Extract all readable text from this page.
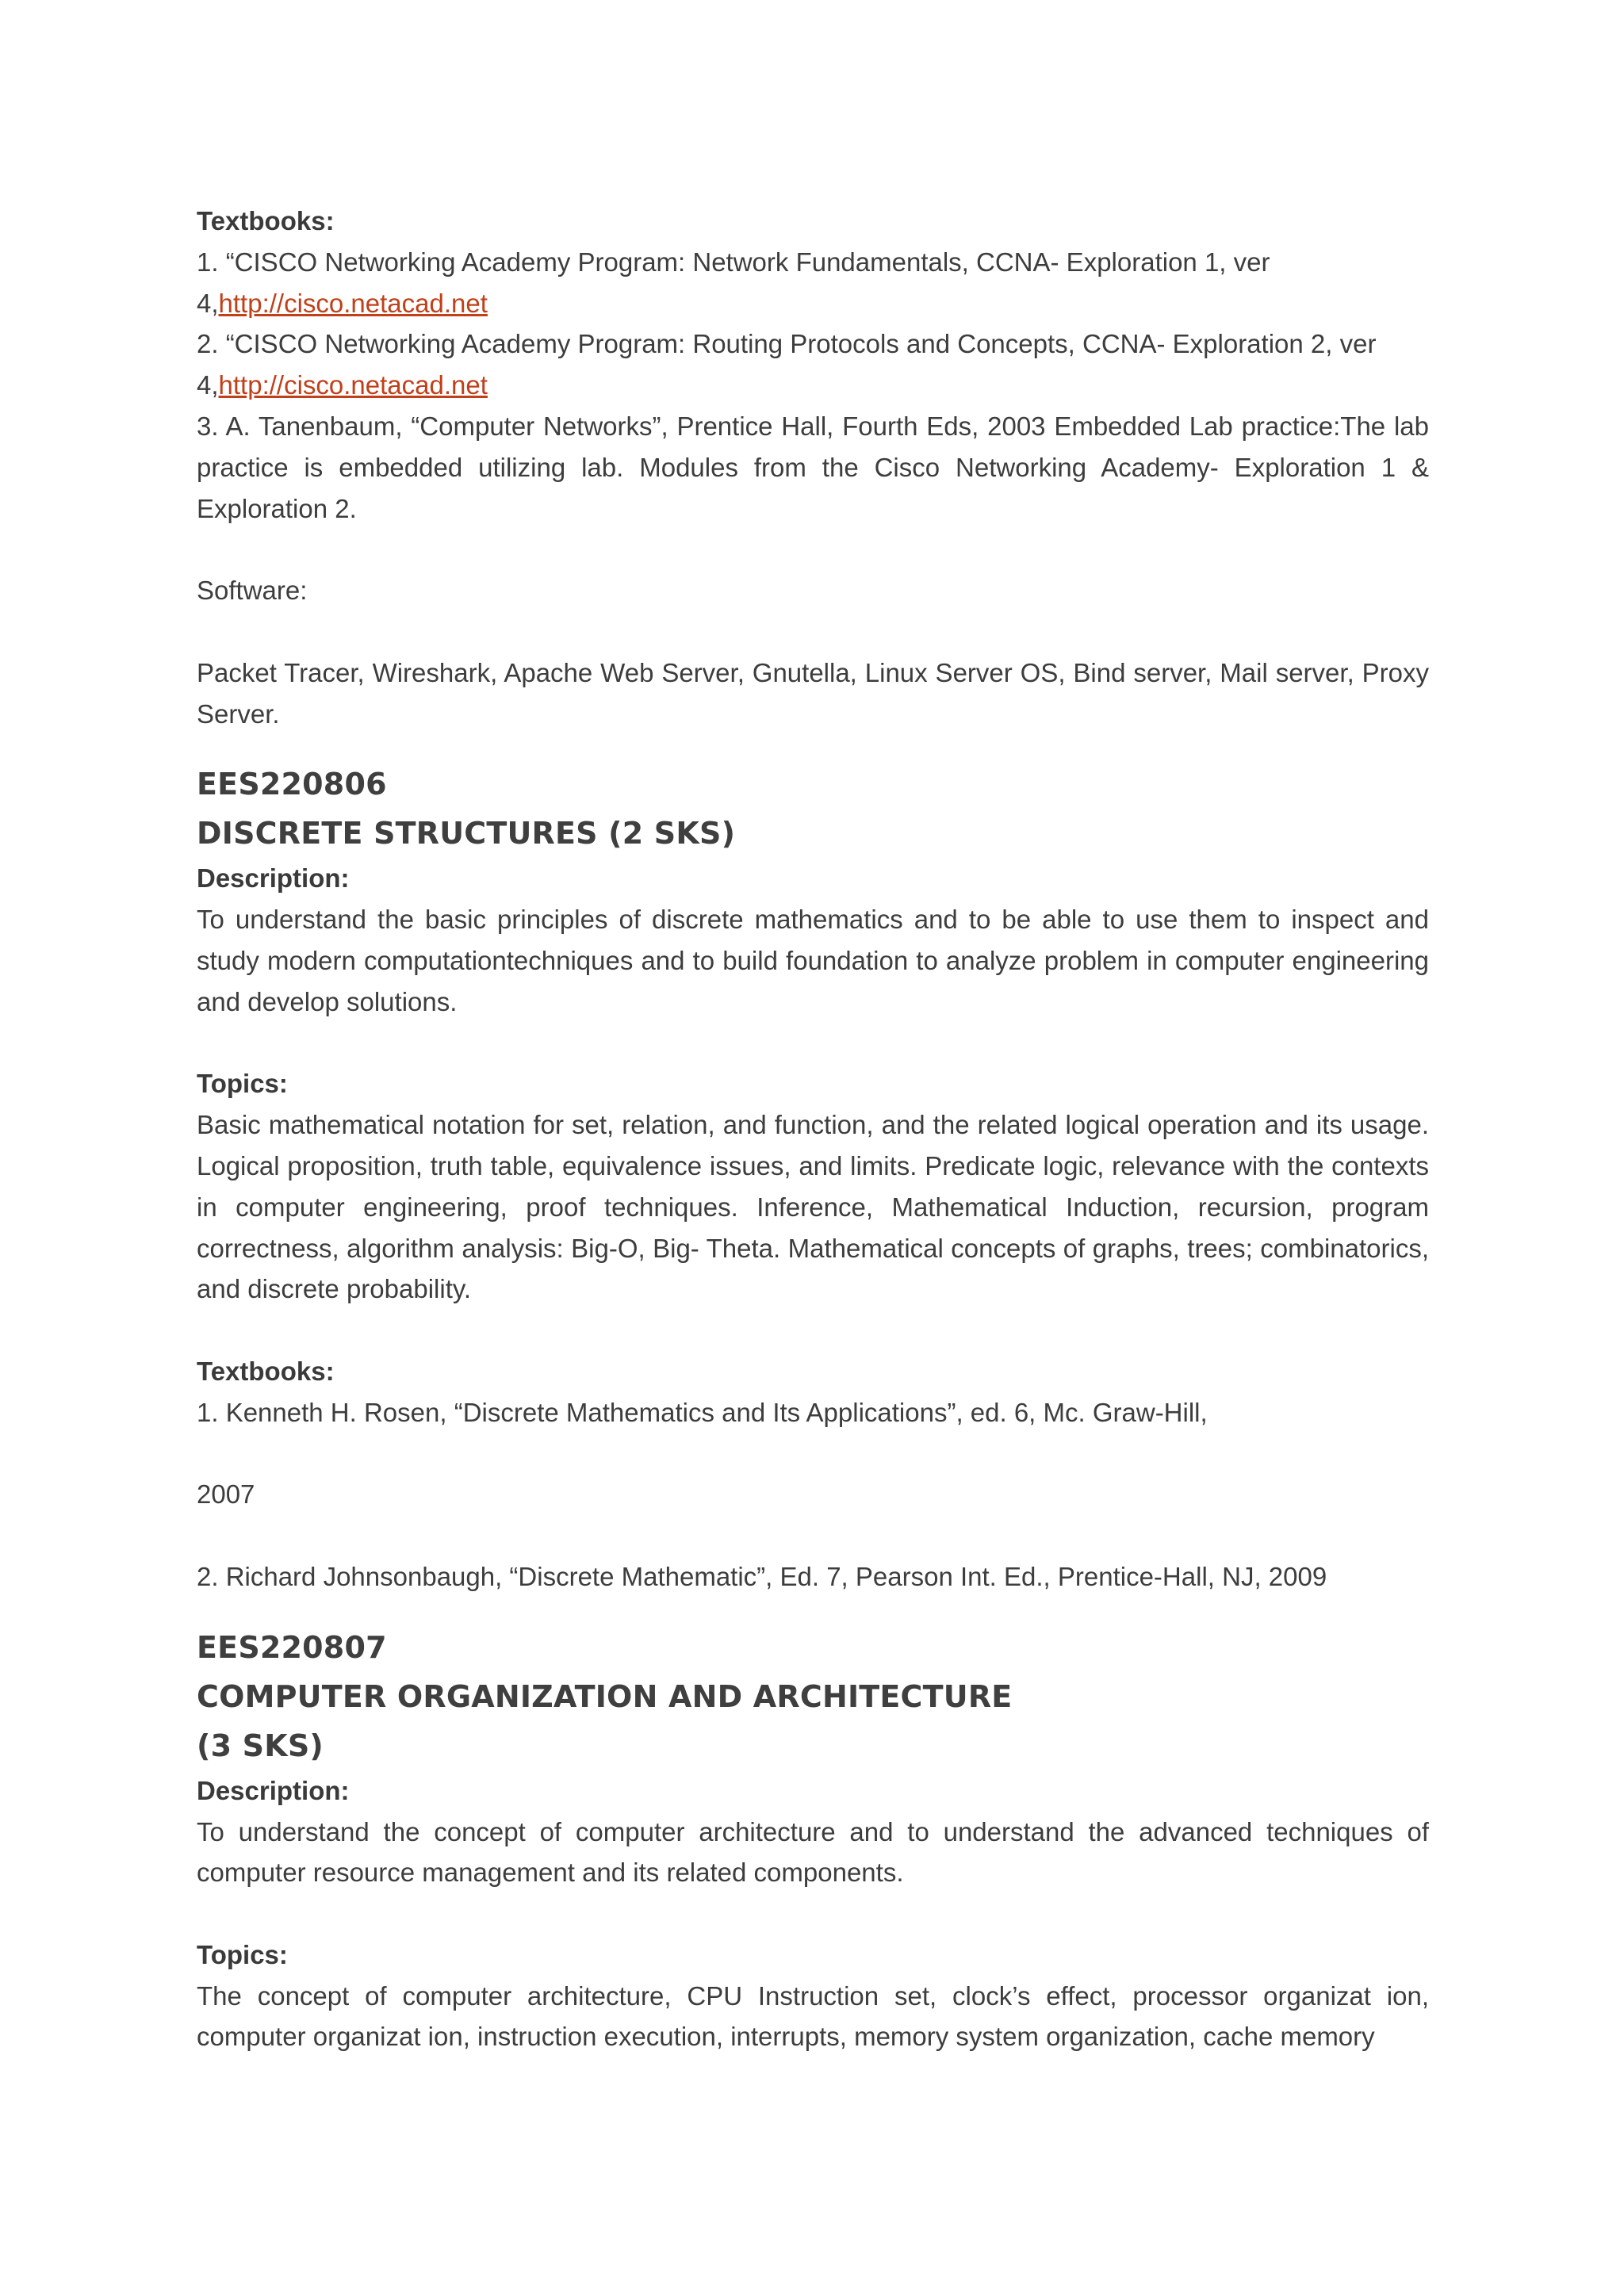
Textbooks:

1. “CISCO Networking Academy Program: Network Fundamentals, CCNA- Exploration 1, ver
4,http://cisco.netacad.net

2. “CISCO Networking Academy Program: Routing Protocols and Concepts, CCNA- Exploration 2, ver
4,http://cisco.netacad.net

3. A. Tanenbaum, “Computer Networks”, Prentice Hall, Fourth Eds, 2003 Embedded Lab practice:The lab practice is embedded utilizing lab. Modules from the Cisco Networking Academy- Exploration 1 & Exploration 2.

Software:

Packet Tracer, Wireshark, Apache Web Server, Gnutella, Linux Server OS, Bind server, Mail server, Proxy Server.

EES220806

DISCRETE STRUCTURES (2 SKS)

Description:

To understand the basic principles of discrete mathematics and to be able to use them to inspect and study modern computationtechniques and to build foundation to analyze problem in computer engineering and develop solutions.

Topics:

Basic mathematical notation for set, relation, and function, and the related logical operation and its usage. Logical proposition, truth table, equivalence issues, and limits. Predicate logic, relevance with the contexts in computer engineering, proof techniques. Inference, Mathematical Induction, recursion, program correctness, algorithm analysis: Big-O, Big- Theta. Mathematical concepts of graphs, trees; combinatorics, and discrete probability.

Textbooks:

1. Kenneth H. Rosen, “Discrete Mathematics and Its Applications”, ed. 6, Mc. Graw-Hill,

2007

2. Richard Johnsonbaugh, “Discrete Mathematic”, Ed. 7, Pearson Int. Ed., Prentice-Hall, NJ, 2009

EES220807

COMPUTER ORGANIZATION AND ARCHITECTURE

(3 SKS)

Description:

To understand the concept of computer architecture and to understand the advanced techniques of computer resource management and its related components.

Topics:

The concept of computer architecture, CPU Instruction set, clock’s effect, processor organizat ion, computer organizat ion, instruction execution, interrupts, memory system organization, cache memory
